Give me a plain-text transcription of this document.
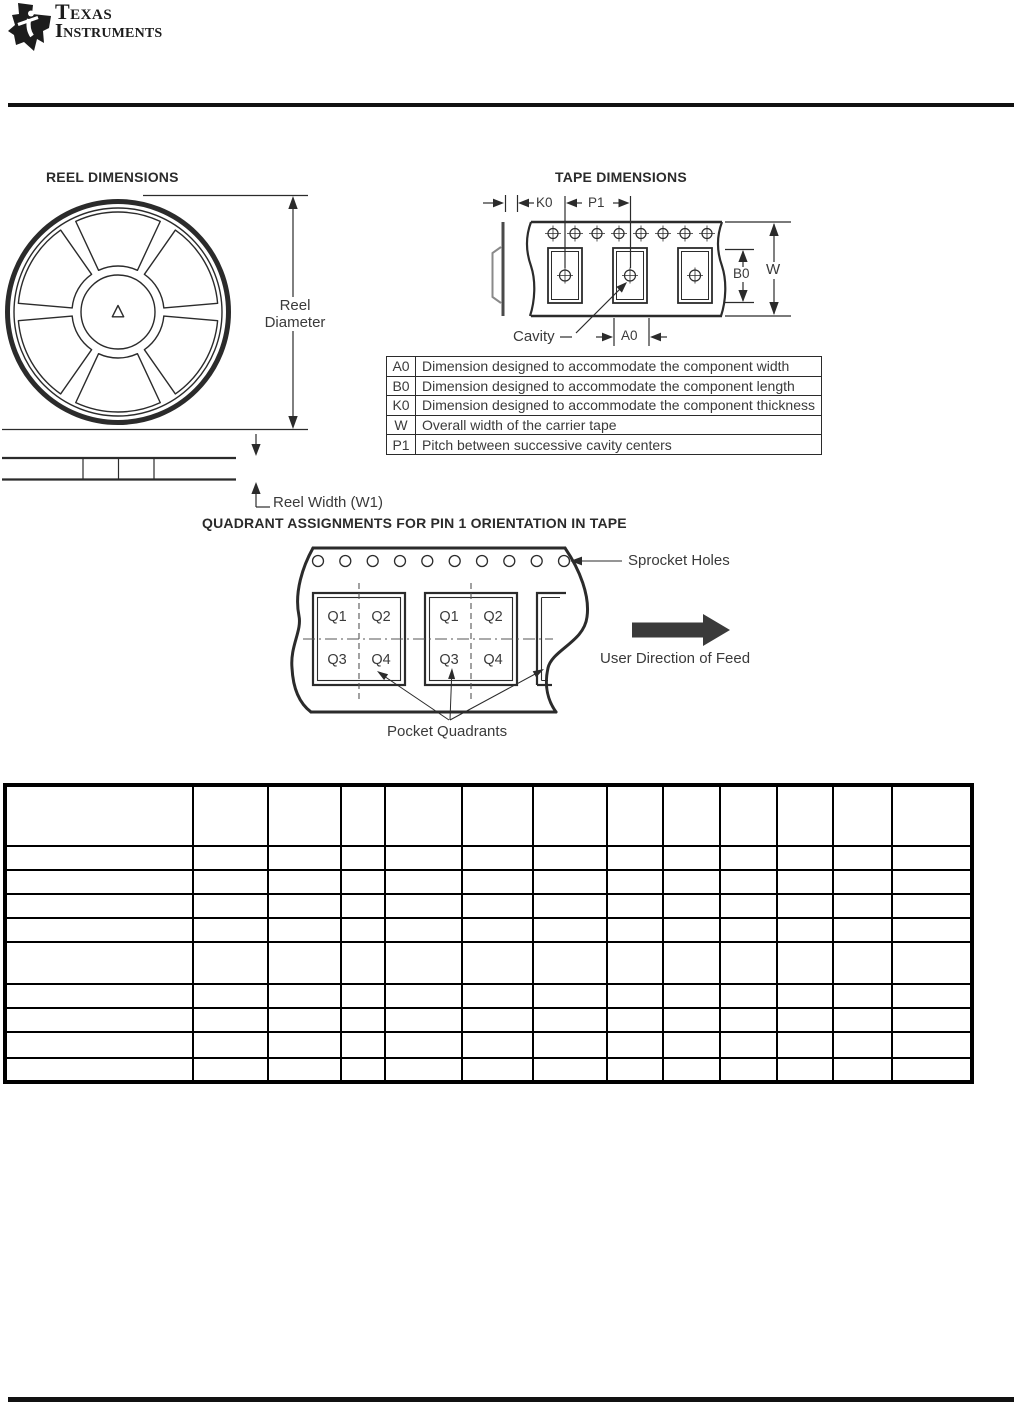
Texas
Instruments
REEL DIMENSIONS	TAPE DIMENSIONS
Reel
Diameter
Reel Width (W1)
K0	P1
B0 W
Cavity	A0
A0	Dimension designed to accommodate the component width
B0	Dimension designed to accommodate the component length
K0	Dimension designed to accommodate the component thickness
W	Overall width of the carrier tape
P1	Pitch between successive cavity centers
QUADRANT ASSIGNMENTS FOR PIN 1 ORIENTATION IN TAPE
Q1 Q2
Q3 Q4
Q1 Q2
Q3 Q4
Sprocket Holes
User Direction of Feed
Pocket Quadrants
